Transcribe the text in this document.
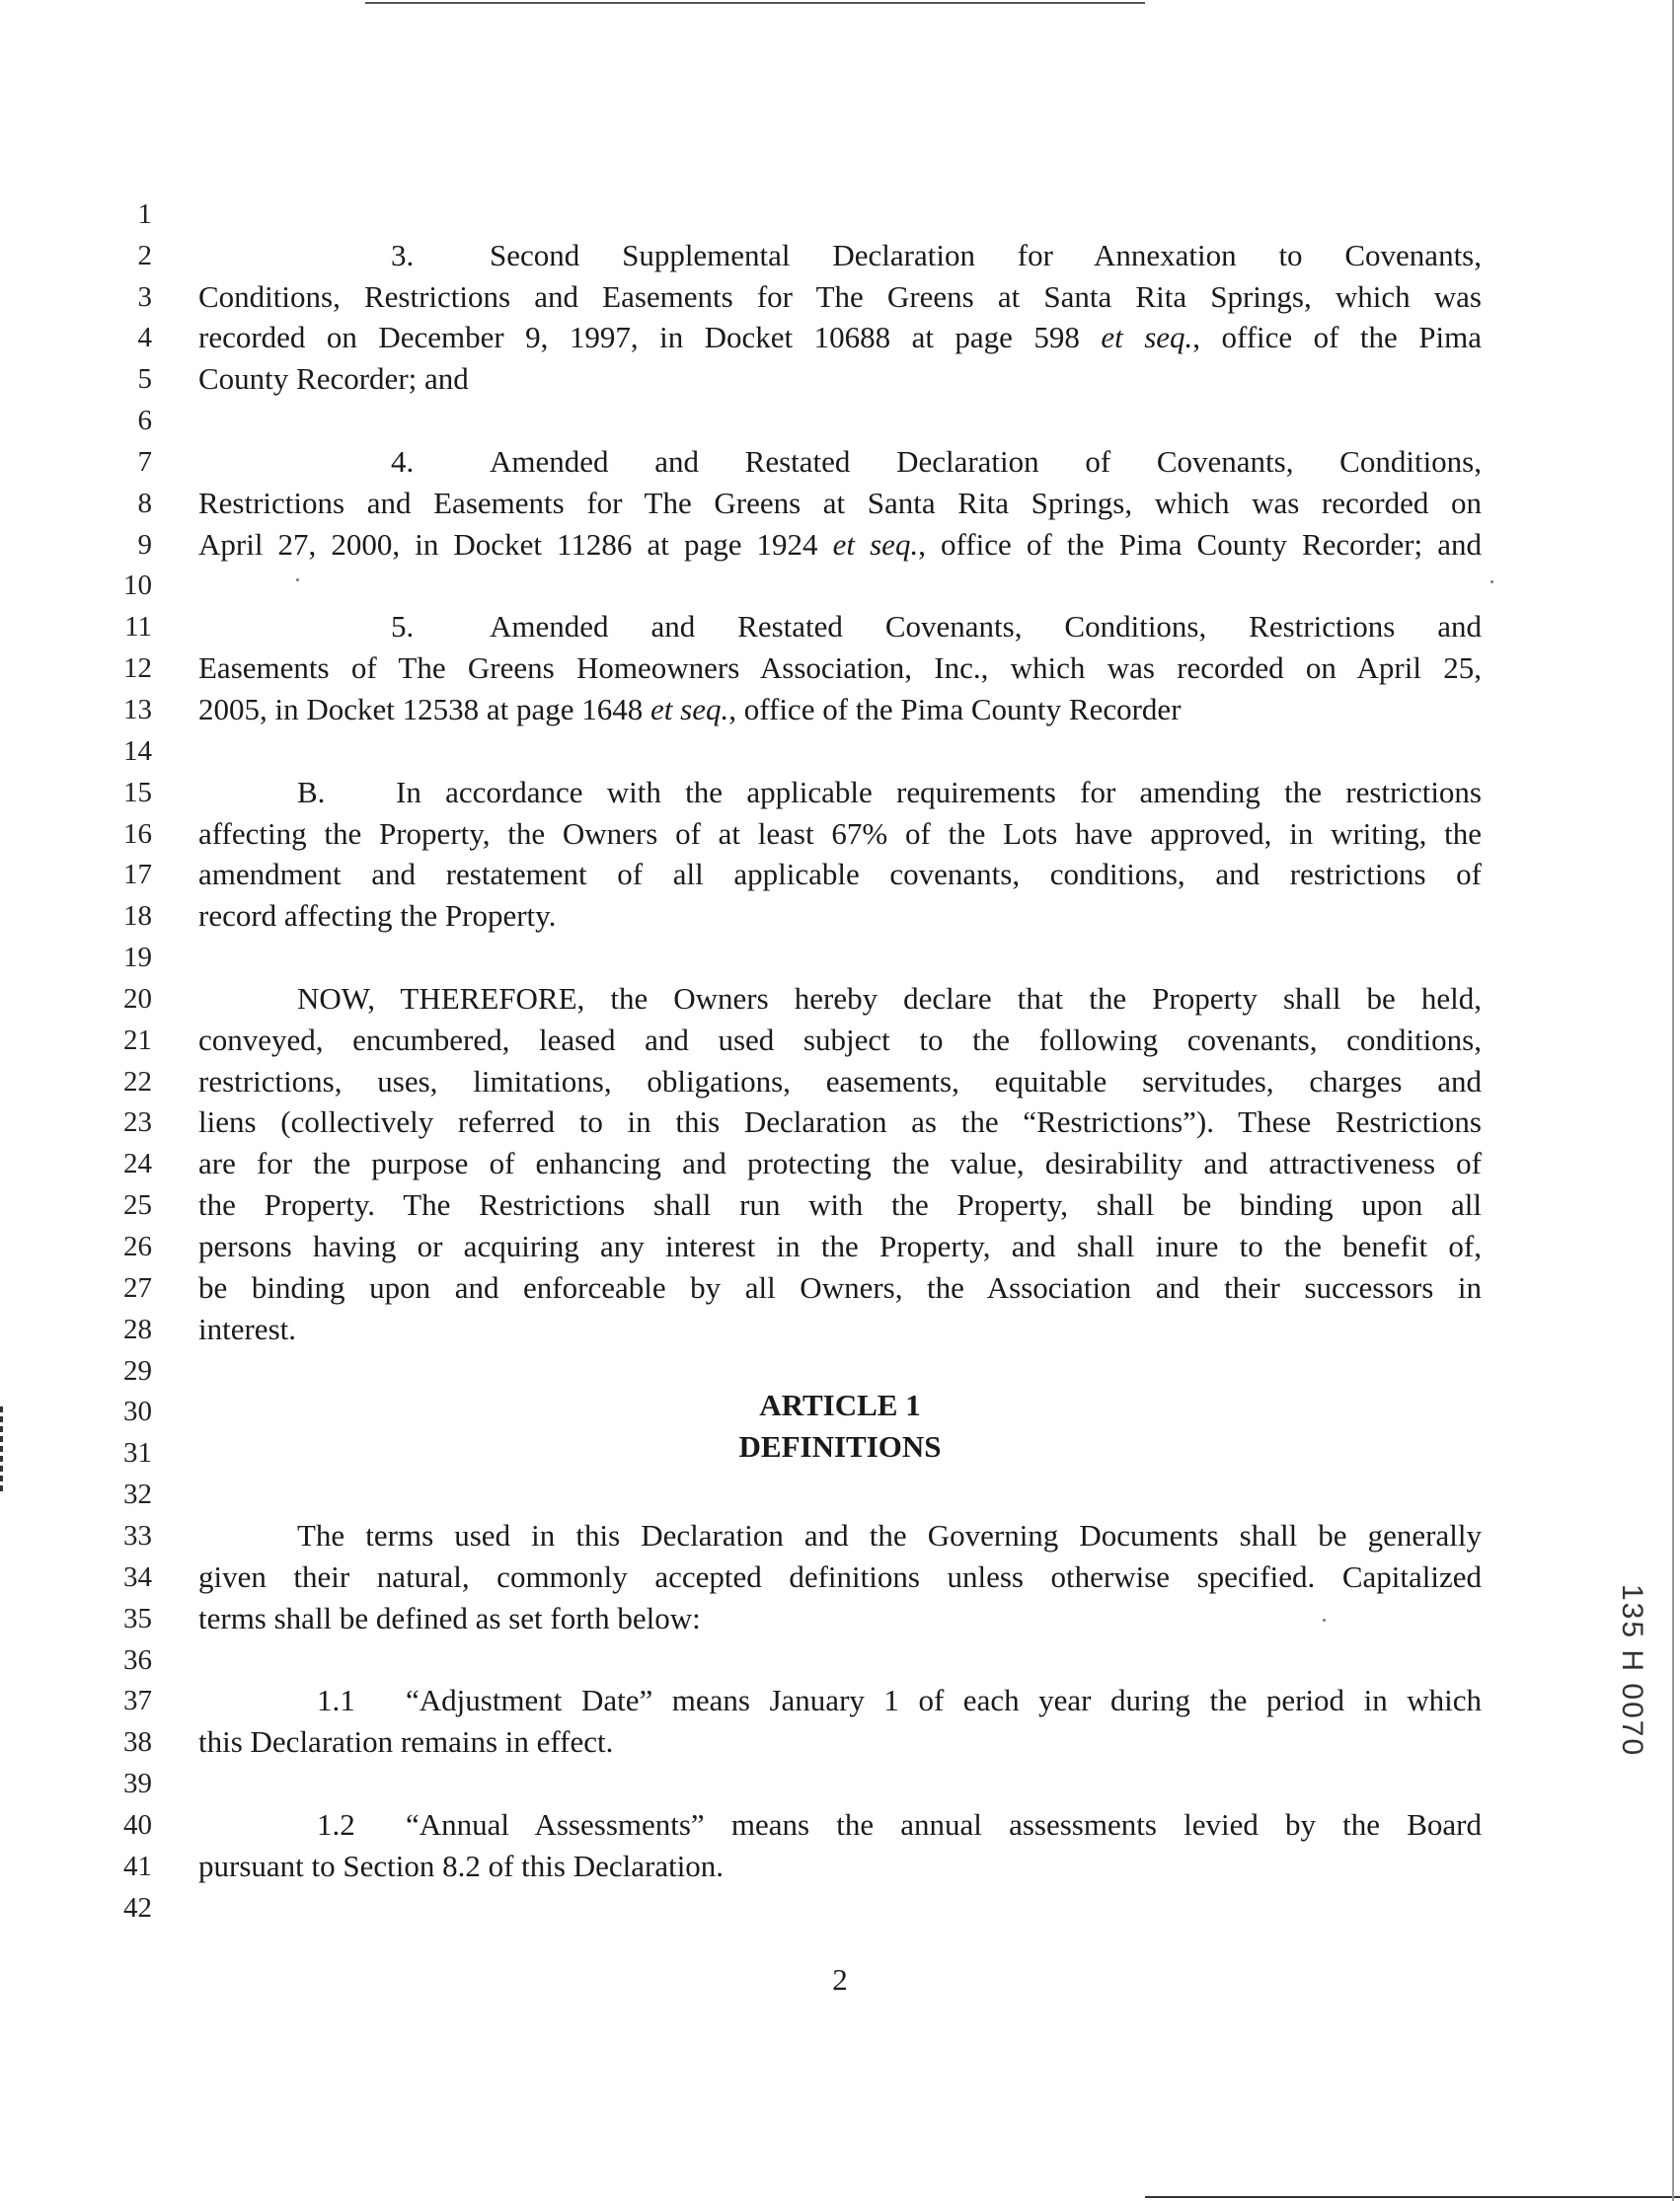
1
2
3
4
5
6
7
8
9
10
11
12
13
14
15
16
17
18
19
20
21
22
23
24
25
26
27
28
29
30
31
32
33
34
35
36
37
38
39
40
41
42
3. Second Supplemental Declaration for Annexation to Covenants,
Conditions, Restrictions and Easements for The Greens at Santa Rita Springs, which was
recorded on December 9, 1997, in Docket 10688 at page 598 et seq., office of the Pima
County Recorder; and
4. Amended and Restated Declaration of Covenants, Conditions,
Restrictions and Easements for The Greens at Santa Rita Springs, which was recorded on
April 27, 2000, in Docket 11286 at page 1924 et seq., office of the Pima County Recorder; and
5. Amended and Restated Covenants, Conditions, Restrictions and
Easements of The Greens Homeowners Association, Inc., which was recorded on April 25,
2005, in Docket 12538 at page 1648 et seq., office of the Pima County Recorder
B. In accordance with the applicable requirements for amending the restrictions
affecting the Property, the Owners of at least 67% of the Lots have approved, in writing, the
amendment and restatement of all applicable covenants, conditions, and restrictions of
record affecting the Property.
NOW, THEREFORE, the Owners hereby declare that the Property shall be held,
conveyed, encumbered, leased and used subject to the following covenants, conditions,
restrictions, uses, limitations, obligations, easements, equitable servitudes, charges and
liens (collectively referred to in this Declaration as the “Restrictions”). These Restrictions
are for the purpose of enhancing and protecting the value, desirability and attractiveness of
the Property. The Restrictions shall run with the Property, shall be binding upon all
persons having or acquiring any interest in the Property, and shall inure to the benefit of,
be binding upon and enforceable by all Owners, the Association and their successors in
interest.
ARTICLE 1
DEFINITIONS
The terms used in this Declaration and the Governing Documents shall be generally
given their natural, commonly accepted definitions unless otherwise specified. Capitalized
terms shall be defined as set forth below:
1.1 “Adjustment Date” means January 1 of each year during the period in which
this Declaration remains in effect.
1.2 “Annual Assessments” means the annual assessments levied by the Board
pursuant to Section 8.2 of this Declaration.
2
135 H 0070
